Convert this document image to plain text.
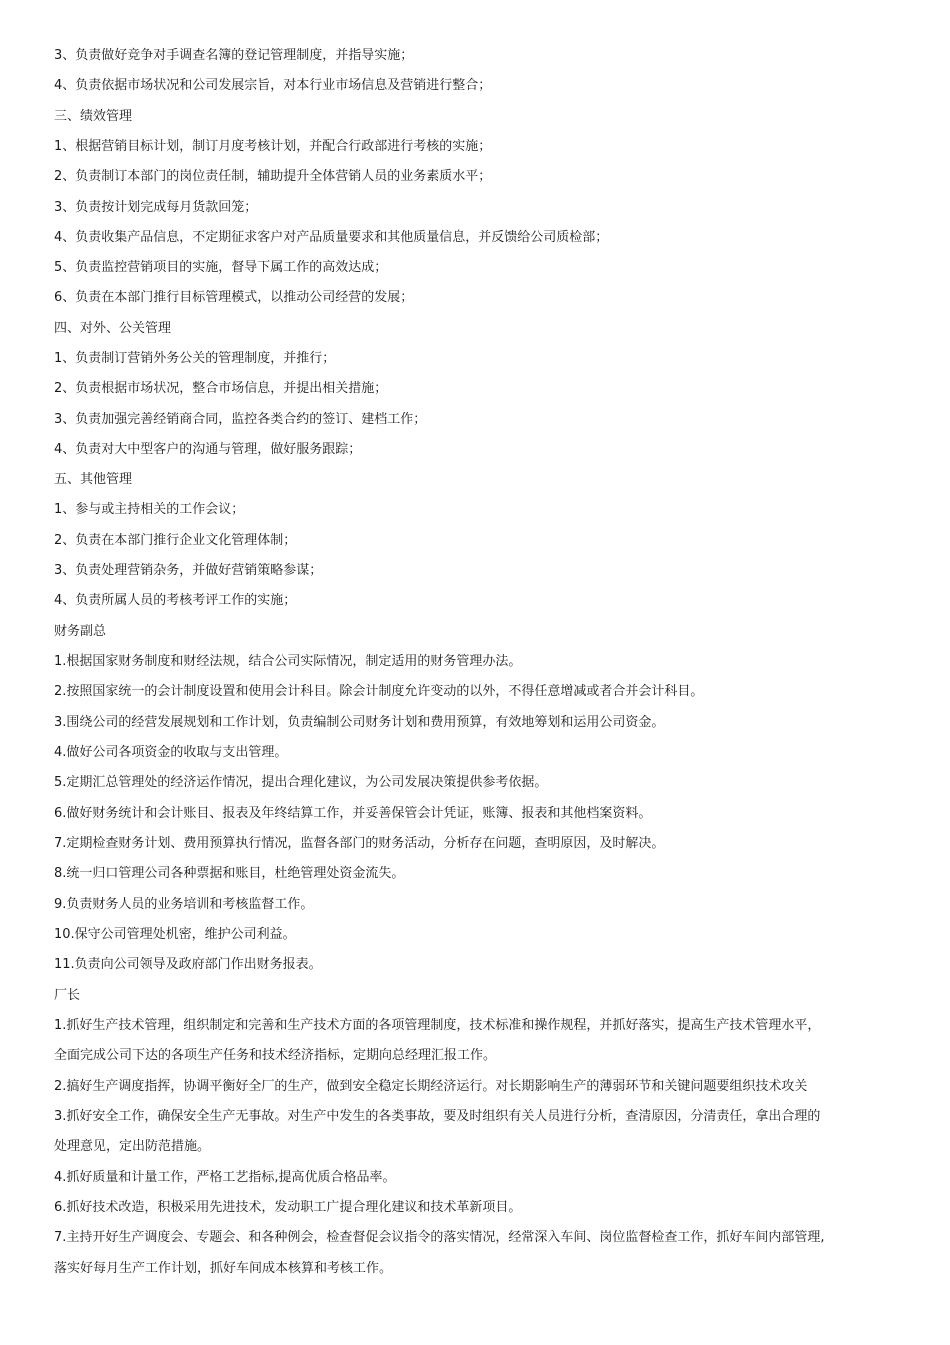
3、负责做好竞争对手调查名簿的登记管理制度，并指导实施；
4、负责依据市场状况和公司发展宗旨，对本行业市场信息及营销进行整合；
三、绩效管理
1、根据营销目标计划，制订月度考核计划，并配合行政部进行考核的实施；
2、负责制订本部门的岗位责任制，辅助提升全体营销人员的业务素质水平；
3、负责按计划完成每月货款回笼；
4、负责收集产品信息，不定期征求客户对产品质量要求和其他质量信息，并反馈给公司质检部；
5、负责监控营销项目的实施，督导下属工作的高效达成；
6、负责在本部门推行目标管理模式，以推动公司经营的发展；
四、对外、公关管理
1、负责制订营销外务公关的管理制度，并推行；
2、负责根据市场状况，整合市场信息，并提出相关措施；
3、负责加强完善经销商合同，监控各类合约的签订、建档工作；
4、负责对大中型客户的沟通与管理，做好服务跟踪；
五、其他管理
1、参与或主持相关的工作会议；
2、负责在本部门推行企业文化管理体制；
3、负责处理营销杂务，并做好营销策略参谋；
4、负责所属人员的考核考评工作的实施；
财务副总
1.根据国家财务制度和财经法规，结合公司实际情况，制定适用的财务管理办法。
2.按照国家统一的会计制度设置和使用会计科目。除会计制度允许变动的以外，不得任意增减或者合并会计科目。
3.围绕公司的经营发展规划和工作计划，负责编制公司财务计划和费用预算，有效地筹划和运用公司资金。
4.做好公司各项资金的收取与支出管理。
5.定期汇总管理处的经济运作情况，提出合理化建议，为公司发展决策提供参考依据。
6.做好财务统计和会计账目、报表及年终结算工作，并妥善保管会计凭证，账簿、报表和其他档案资料。
7.定期检查财务计划、费用预算执行情况，监督各部门的财务活动，分析存在问题，查明原因，及时解决。
8.统一归口管理公司各种票据和账目，杜绝管理处资金流失。
9.负责财务人员的业务培训和考核监督工作。
10.保守公司管理处机密，维护公司利益。
11.负责向公司领导及政府部门作出财务报表。
厂长
1.抓好生产技术管理，组织制定和完善和生产技术方面的各项管理制度，技术标准和操作规程，并抓好落实，提高生产技术管理水平，
全面完成公司下达的各项生产任务和技术经济指标，定期向总经理汇报工作。
2.搞好生产调度指挥，协调平衡好全厂的生产，做到安全稳定长期经济运行。对长期影响生产的薄弱环节和关键问题要组织技术攻关
3.抓好安全工作，确保安全生产无事故。对生产中发生的各类事故，要及时组织有关人员进行分析，查清原因，分清责任，拿出合理的
处理意见，定出防范措施。
4.抓好质量和计量工作，严格工艺指标,提高优质合格品率。
6.抓好技术改造，积极采用先进技术，发动职工广提合理化建议和技术革新项目。
7.主持开好生产调度会、专题会、和各种例会，检查督促会议指令的落实情况，经常深入车间、岗位监督检查工作，抓好车间内部管理,
落实好每月生产工作计划，抓好车间成本核算和考核工作。
